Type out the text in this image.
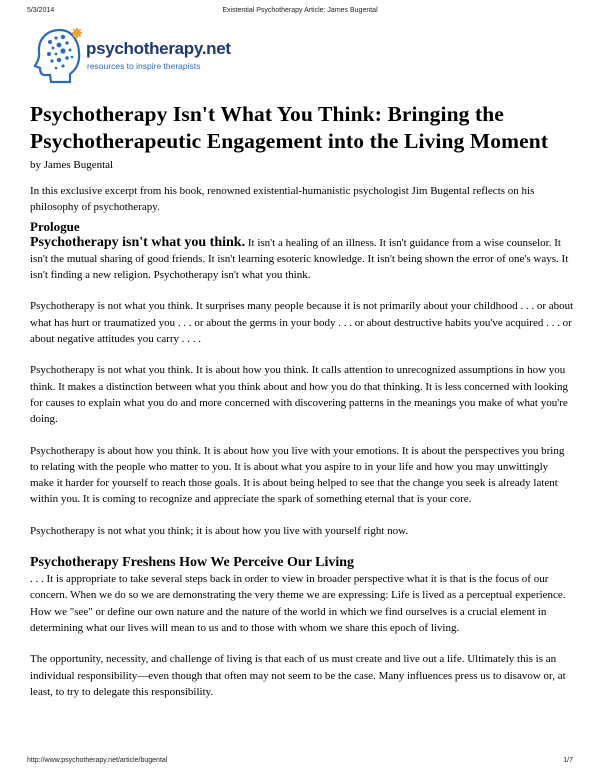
5/3/2014	Existential Psychotherapy Article: James Bugental
psychotherapy.net
resources to inspire therapists
Psychotherapy Isn't What You Think: Bringing the Psychotherapeutic Engagement into the Living Moment
by James Bugental

In this exclusive excerpt from his book, renowned existential-humanistic psychologist Jim Bugental reflects on his philosophy of psychotherapy.

Prologue

Psychotherapy isn't what you think. It isn't a healing of an illness. It isn't guidance from a wise counselor. It isn't the mutual sharing of good friends. It isn't learning esoteric knowledge. It isn't being shown the error of one's ways. It isn't finding a new religion. Psychotherapy isn't what you think.

Psychotherapy is not what you think. It surprises many people because it is not primarily about your childhood . . . or about what has hurt or traumatized you . . . or about the germs in your body . . . or about destructive habits you've acquired . . . or about negative attitudes you carry . . . .

Psychotherapy is not what you think. It is about how you think. It calls attention to unrecognized assumptions in how you think. It makes a distinction between what you think about and how you do that thinking. It is less concerned with looking for causes to explain what you do and more concerned with discovering patterns in the meanings you make of what you're doing.

Psychotherapy is about how you think. It is about how you live with your emotions. It is about the perspectives you bring to relating with the people who matter to you. It is about what you aspire to in your life and how you may unwittingly make it harder for yourself to reach those goals. It is about being helped to see that the change you seek is already latent within you. It is coming to recognize and appreciate the spark of something eternal that is your core.

Psychotherapy is not what you think; it is about how you live with yourself right now.

Psychotherapy Freshens How We Perceive Our Living

. . . It is appropriate to take several steps back in order to view in broader perspective what it is that is the focus of our concern. When we do so we are demonstrating the very theme we are expressing: Life is lived as a perceptual experience. How we "see" or define our own nature and the nature of the world in which we find ourselves is a crucial element in determining what our lives will mean to us and to those with whom we share this epoch of living.

The opportunity, necessity, and challenge of living is that each of us must create and live out a life. Ultimately this is an individual responsibility—even though that often may not seem to be the case. Many influences press us to disavow or, at least, to try to delegate this responsibility.

http://www.psychotherapy.net/article/bugental	1/7
